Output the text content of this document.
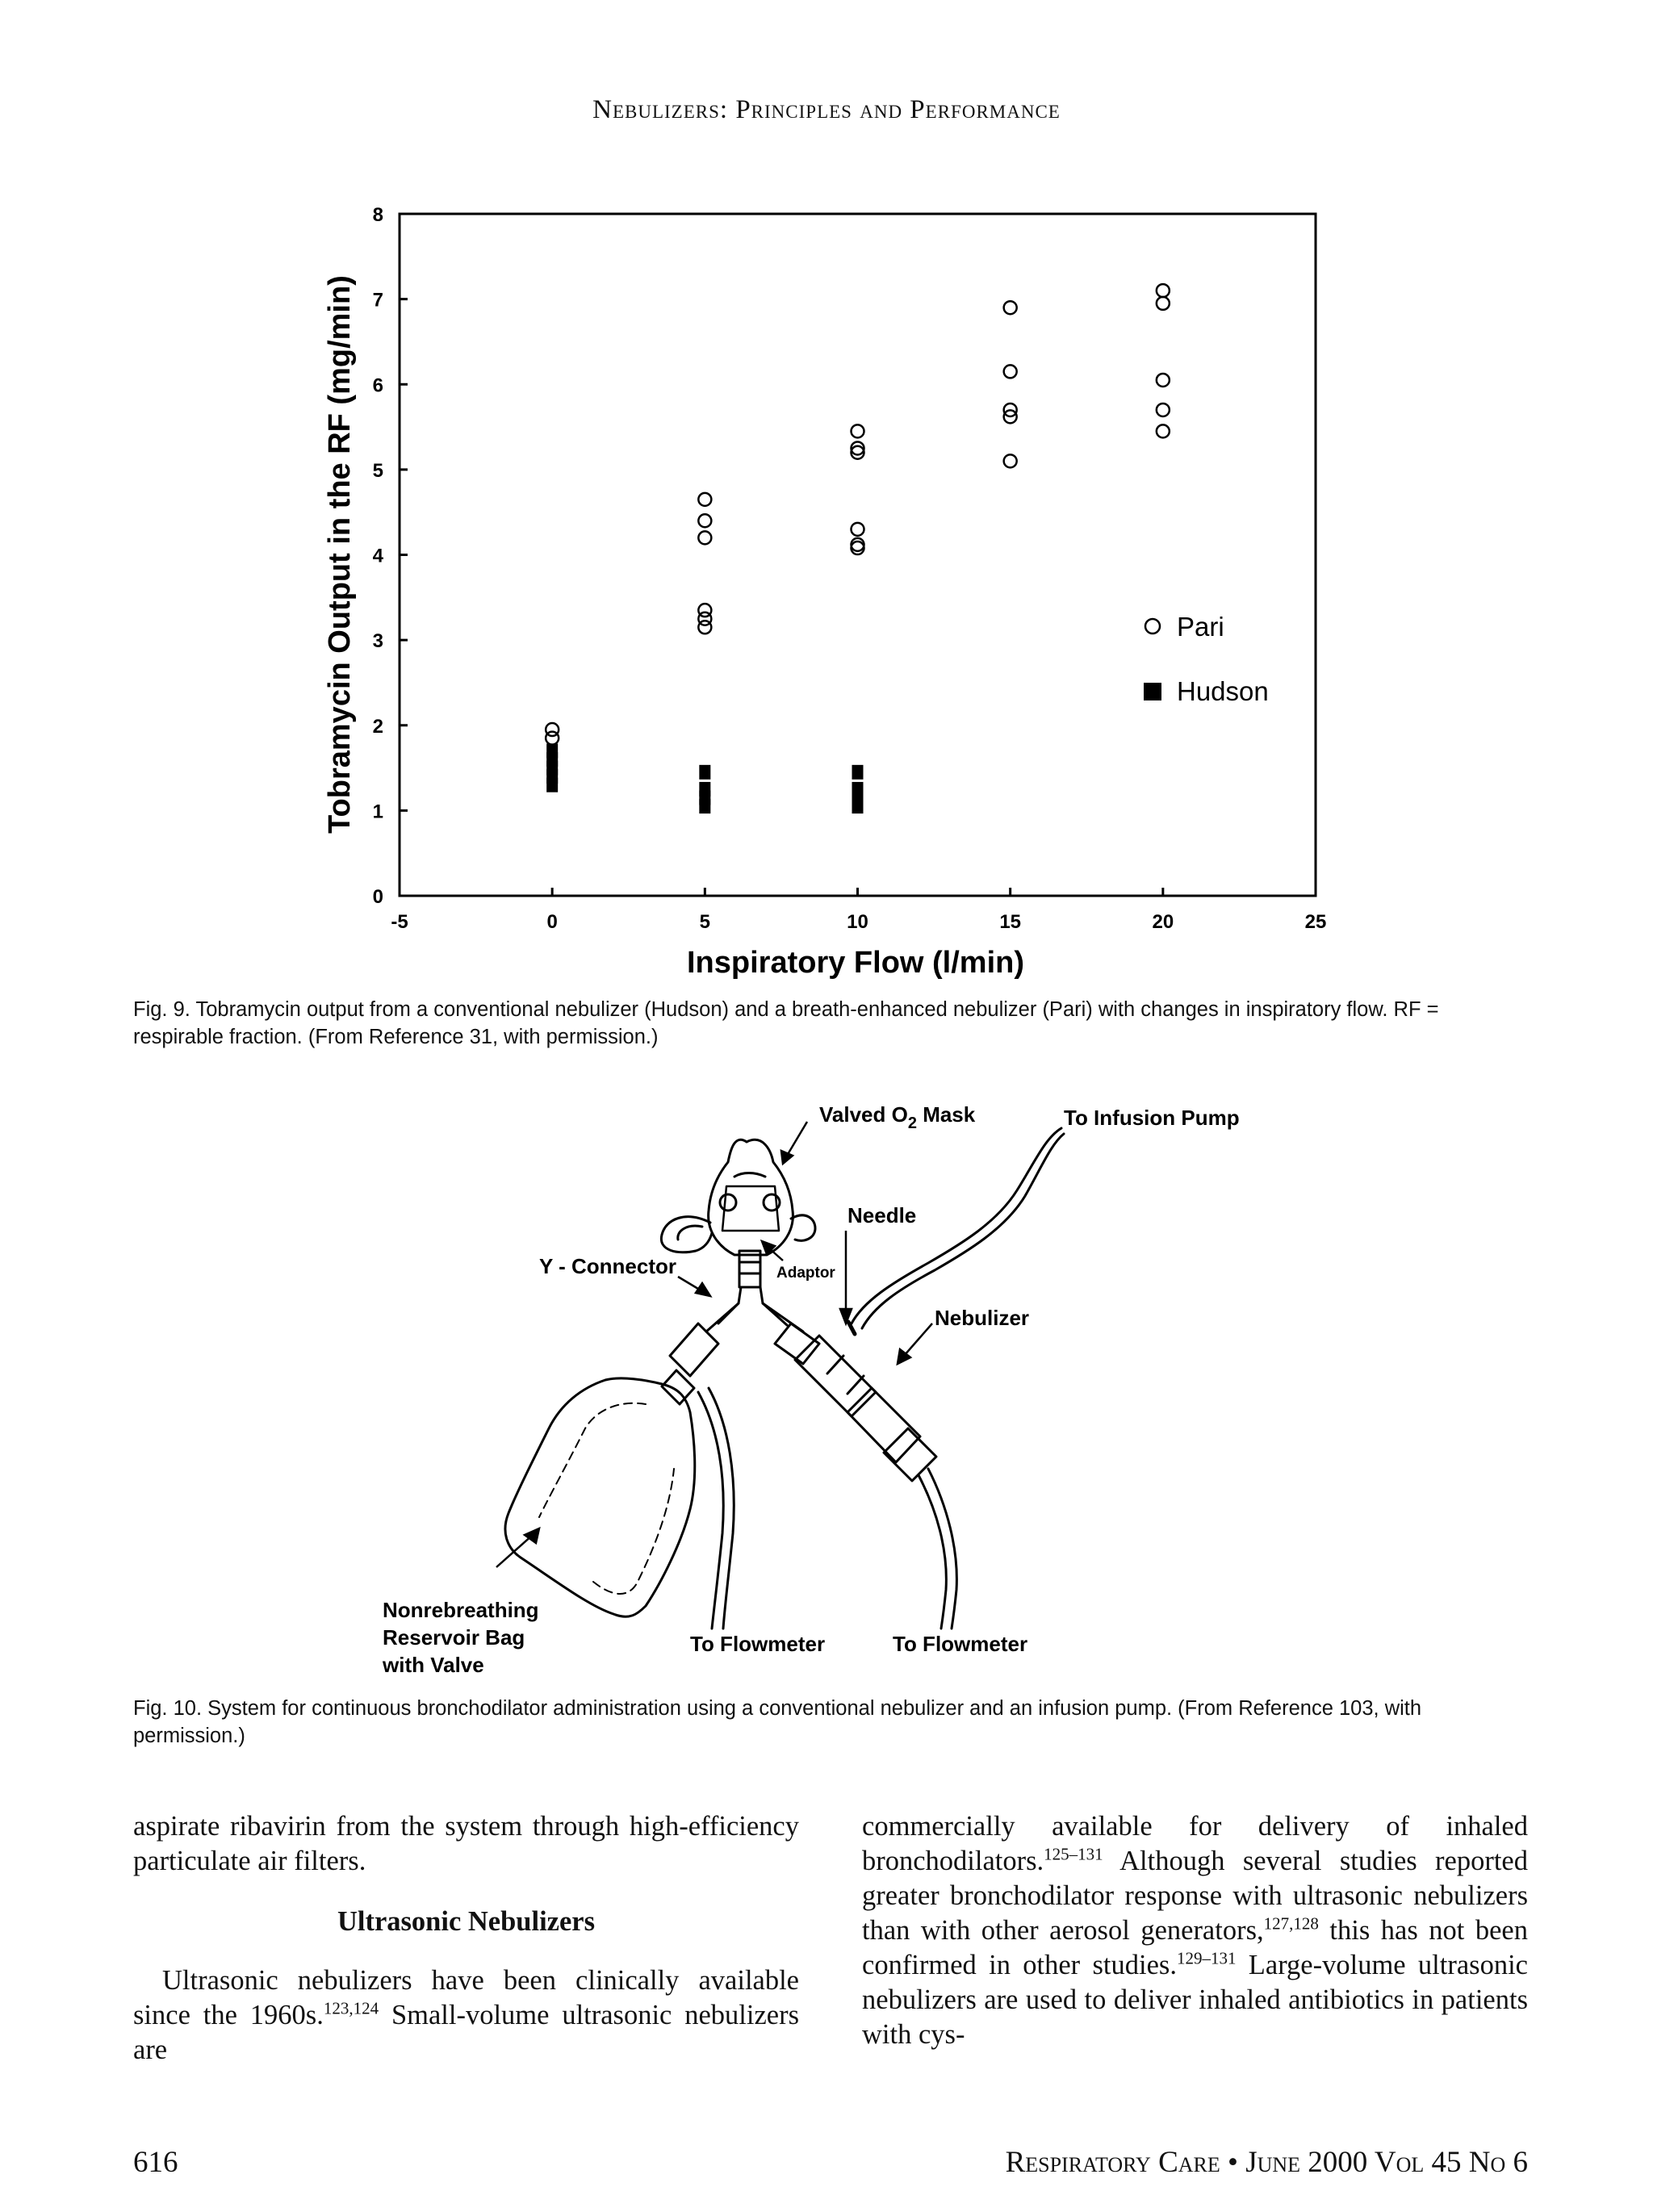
Nebulizers: Principles and Performance
-5	0	5	10	15	20	25
0
1
2
3
4
5
6
7
8
Inspiratory Flow (l/min)
Tobramycin Output in the RF (mg/min)	Pari
Hudson
Fig. 9. Tobramycin output from a conventional nebulizer (Hudson) and a breath-enhanced nebulizer (Pari) with changes in inspiratory flow. RF = respirable fraction. (From Reference 31, with permission.)
Valved $O_2$ Mask	To Infusion Pump
Needle
Y - Connector	Adaptor
Nebulizer
Nonrebreathing
Reservoir Bag
with Valve
To Flowmeter	To Flowmeter
Fig. 10. System for continuous bronchodilator administration using a conventional nebulizer and an infusion pump. (From Reference 103, with permission.)

aspirate ribavirin from the system through high-efficiency particulate air filters.

Ultrasonic Nebulizers

Ultrasonic nebulizers have been clinically available since the 1960s.$^{123,124}$ Small-volume ultrasonic nebulizers are

commercially available for delivery of inhaled bronchodilators.$^{125-131}$ Although several studies reported greater bronchodilator response with ultrasonic nebulizers than with other aerosol generators,$^{127,128}$ this has not been confirmed in other studies.$^{129-131}$ Large-volume ultrasonic nebulizers are used to deliver inhaled antibiotics in patients with cys-

616	Respiratory Care • June 2000 Vol 45 No 6
